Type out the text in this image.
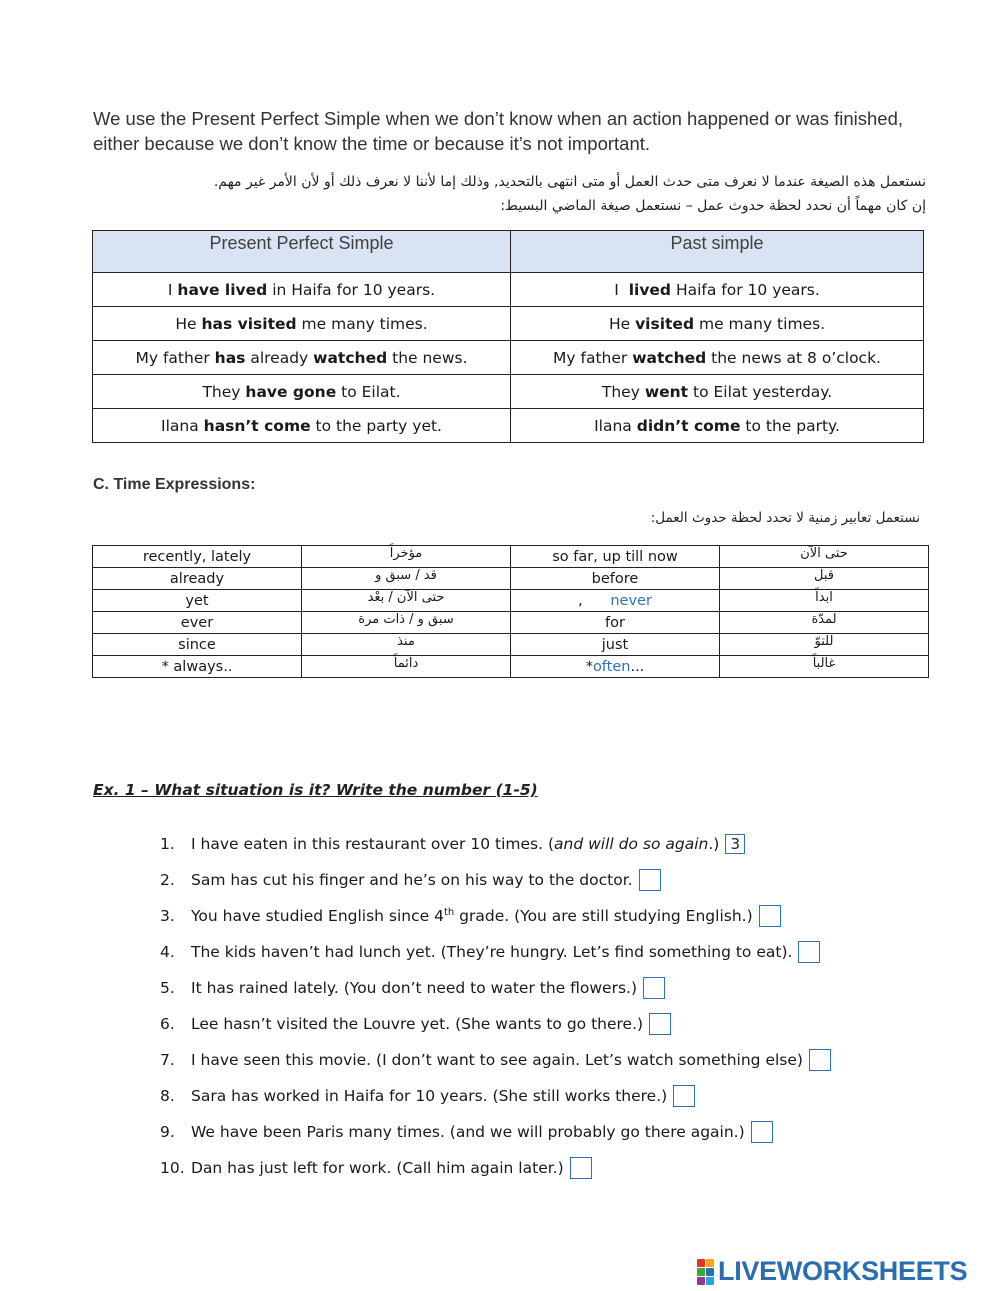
We use the Present Perfect Simple when we don’t know when an action happened or was finished, either because we don’t know the time or because it’s not important.
نستعمل هذه الصيغة عندما لا نعرف متى حدث العمل أو متى انتهى بالتحديد, وذلك إما لأننا لا نعرف ذلك أو لأن الأمر غير مهم.
إن كان مهماً أن نحدد لحظة حدوث عمل – نستعمل صيغة الماضي البسيط:
Present Perfect Simple	Past simple
I have lived in Haifa for 10 years.	I  lived Haifa for 10 years.
He has visited me many times.	He visited me many times.
My father has already watched the news.	My father watched the news at 8 o’clock.
They have gone to Eilat.	They went to Eilat yesterday.
Ilana hasn’t come to the party yet.	Ilana didn’t come to the party.
C. Time Expressions:
نستعمل تعابير زمنية لا تحدد لحظة حدوث العمل:
recently, lately	مؤخراً	so far, up till now	حتى الآن
already	قد / سبق و	before	قبل
yet	حتى الآن / بعْد	, never	ابداً
ever	سبق و / ذات مرة	for	لمدّة
since	منذ	just	للتوّ
* always..	دائماً	*often...	غالباً
Ex. 1 – What situation is it? Write the number (1-5)
1.	I have eaten in this restaurant over 10 times. (and will do so again.) 3
2.	Sam has cut his finger and he’s on his way to the doctor.
3.	You have studied English since 4th grade. (You are still studying English.)
4.	The kids haven’t had lunch yet. (They’re hungry. Let’s find something to eat).
5.	It has rained lately. (You don’t need to water the flowers.)
6.	Lee hasn’t visited the Louvre yet. (She wants to go there.)
7.	I have seen this movie. (I don’t want to see again. Let’s watch something else)
8.	Sara has worked in Haifa for 10 years. (She still works there.)
9.	We have been Paris many times. (and we will probably go there again.)
10. Dan has just left for work. (Call him again later.)
LIVEWORKSHEETS
